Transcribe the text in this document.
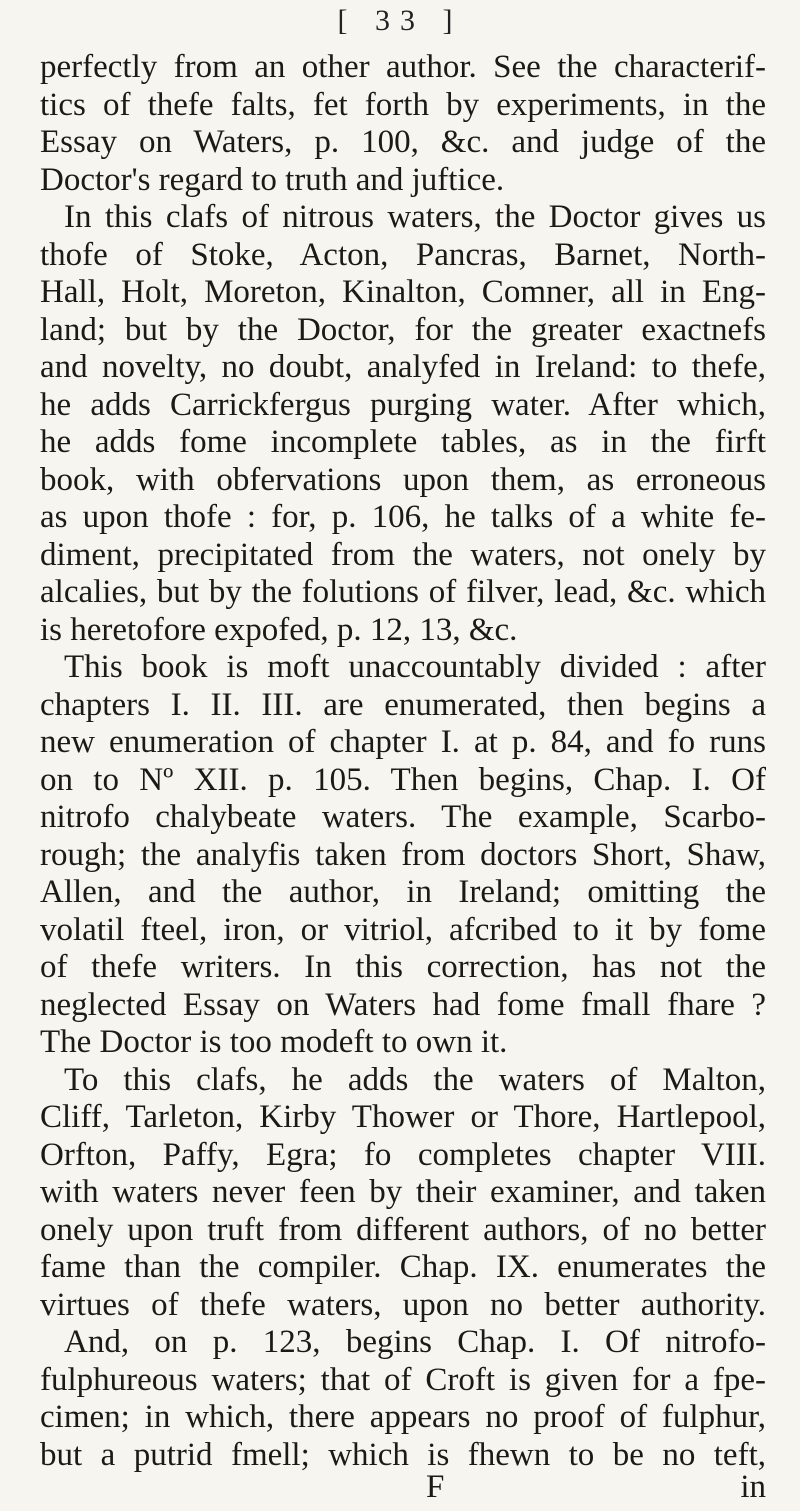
[ 33 ]
perfectly from an other author. See the characterif-
tics of thefe falts, fet forth by experiments, in the
Essay on Waters, p. 100, &c. and judge of the
Doctor's regard to truth and juftice.
In this clafs of nitrous waters, the Doctor gives us
thofe of Stoke, Acton, Pancras, Barnet, North-
Hall, Holt, Moreton, Kinalton, Comner, all in Eng-
land; but by the Doctor, for the greater exactnefs
and novelty, no doubt, analyfed in Ireland: to thefe,
he adds Carrickfergus purging water. After which,
he adds fome incomplete tables, as in the firft
book, with obfervations upon them, as erroneous
as upon thofe : for, p. 106, he talks of a white fe-
diment, precipitated from the waters, not onely by
alcalies, but by the folutions of filver, lead, &c. which
is heretofore expofed, p. 12, 13, &c.
This book is moft unaccountably divided : after
chapters I. II. III. are enumerated, then begins a
new enumeration of chapter I. at p. 84, and fo runs
on to Nº XII. p. 105. Then begins, Chap. I. Of
nitrofo chalybeate waters. The example, Scarbo-
rough; the analyfis taken from doctors Short, Shaw,
Allen, and the author, in Ireland; omitting the
volatil fteel, iron, or vitriol, afcribed to it by fome
of thefe writers. In this correction, has not the
neglected Essay on Waters had fome fmall fhare ?
The Doctor is too modeft to own it.
To this clafs, he adds the waters of Malton,
Cliff, Tarleton, Kirby Thower or Thore, Hartlepool,
Orfton, Paffy, Egra; fo completes chapter VIII.
with waters never feen by their examiner, and taken
onely upon truft from different authors, of no better
fame than the compiler. Chap. IX. enumerates the
virtues of thefe waters, upon no better authority.
And, on p. 123, begins Chap. I. Of nitrofo-
fulphureous waters; that of Croft is given for a fpe-
cimen; in which, there appears no proof of fulphur,
but a putrid fmell; which is fhewn to be no teft,
F	in
